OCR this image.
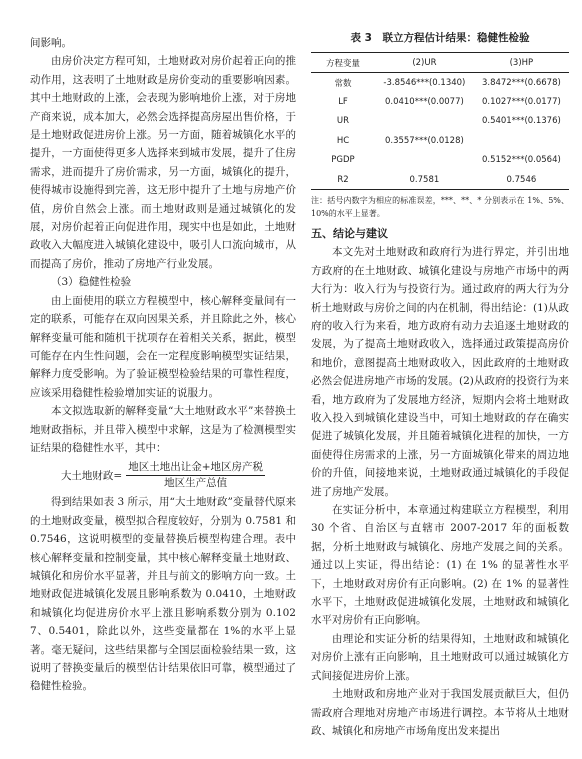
间影响。

由房价决定方程可知，土地财政对房价起着正向的推动作用，这表明了土地财政是房价变动的重要影响因素。其中土地财政的上涨，会表现为影响地价上涨，对于房地产商来说，成本加大，必然会选择提高房屋出售价格，于是土地财政促进房价上涨。另一方面，随着城镇化水平的提升，一方面使得更多人选择来到城市发展，提升了住房需求，进而提升了房价需求，另一方面，城镇化的提升，使得城市设施得到完善，这无形中提升了土地与房地产价值，房价自然会上涨。而土地财政则是通过城镇化的发展，对房价起着正向促进作用，现实中也是如此，土地财政收入大幅度进入城镇化建设中，吸引人口流向城市，从而提高了房价，推动了房地产行业发展。

（3）稳健性检验

由上面使用的联立方程模型中，核心解释变量间有一定的联系，可能存在双向因果关系，并且除此之外，核心解释变量可能和随机干扰项存在着相关关系，据此，模型可能存在内生性问题，会在一定程度影响模型实证结果，解释力度受影响。为了验证模型检验结果的可靠性程度，应该采用稳健性检验增加实证的说服力。

本文拟选取新的解释变量“大土地财政水平”来替换土地财政指标，并且带入模型中求解，这是为了检测模型实证结果的稳健性水平，其中：

大土地财政= $\frac{\text{地区土地出让金+地区房产税}}{\text{地区生产总值}}$

得到结果如表 3 所示，用“大土地财政”变量替代原来的土地财政变量，模型拟合程度较好，分别为 0.7581 和 0.7546，这说明模型的变量替换后模型构建合理。表中核心解释变量和控制变量，其中核心解释变量土地财政、城镇化和房价水平显著，并且与前文的影响方向一致。土地财政促进城镇化发展且影响系数为 0.0410，土地财政和城镇化均促进房价水平上涨且影响系数分别为 0.1027、0.5401，除此以外，这些变量都在 1%的水平上显著。毫无疑问，这些结果都与全国层面检验结果一致，这说明了替换变量后的模型估计结果依旧可靠，模型通过了稳健性检验。

表 3　联立方程估计结果：稳健性检验
方程变量	(2)UR	(3)HP
常数	-3.8546***(0.1340)	3.8472***(0.6678)
LF	0.0410***(0.0077)	0.1027***(0.0177)
UR		0.5401***(0.1376)
HC	0.3557***(0.0128)	
PGDP		0.5152***(0.0564)
R2	0.7581	0.7546
注：括号内数字为相应的标准误差，***、**、* 分别表示在 1%、5%、10%的水平上显著。
五、结论与建议

本文先对土地财政和政府行为进行界定，并引出地方政府的在土地财政、城镇化建设与房地产市场中的两大行为：收入行为与投资行为。通过政府的两大行为分析土地财政与房价之间的内在机制，得出结论：(1)从政府的收入行为来看，地方政府有动力去追逐土地财政的发展，为了提高土地财政收入，选择通过政策提高房价和地价，意图提高土地财政收入，因此政府的土地财政必然会促进房地产市场的发展。(2)从政府的投资行为来看，地方政府为了发展地方经济，短期内会将土地财政收入投入到城镇化建设当中，可知土地财政的存在确实促进了城镇化发展，并且随着城镇化进程的加快，一方面使得住房需求的上涨，另一方面城镇化带来的周边地价的升值，间接地来说，土地财政通过城镇化的手段促进了房地产发展。

在实证分析中，本章通过构建联立方程模型，利用 30 个省、自治区与直辖市 2007-2017 年的面板数据，分析土地财政与城镇化、房地产发展之间的关系。通过以上实证，得出结论：(1) 在 1% 的显著性水平下，土地财政对房价有正向影响。(2) 在 1% 的显著性水平下，土地财政促进城镇化发展，土地财政和城镇化水平对房价有正向影响。

由理论和实证分析的结果得知，土地财政和城镇化对房价上涨有正向影响，且土地财政可以通过城镇化方式间接促进房价上涨。

土地财政和房地产业对于我国发展贡献巨大，但仍需政府合理地对房地产市场进行调控。本节将从土地财政、城镇化和房地产市场角度出发来提出
